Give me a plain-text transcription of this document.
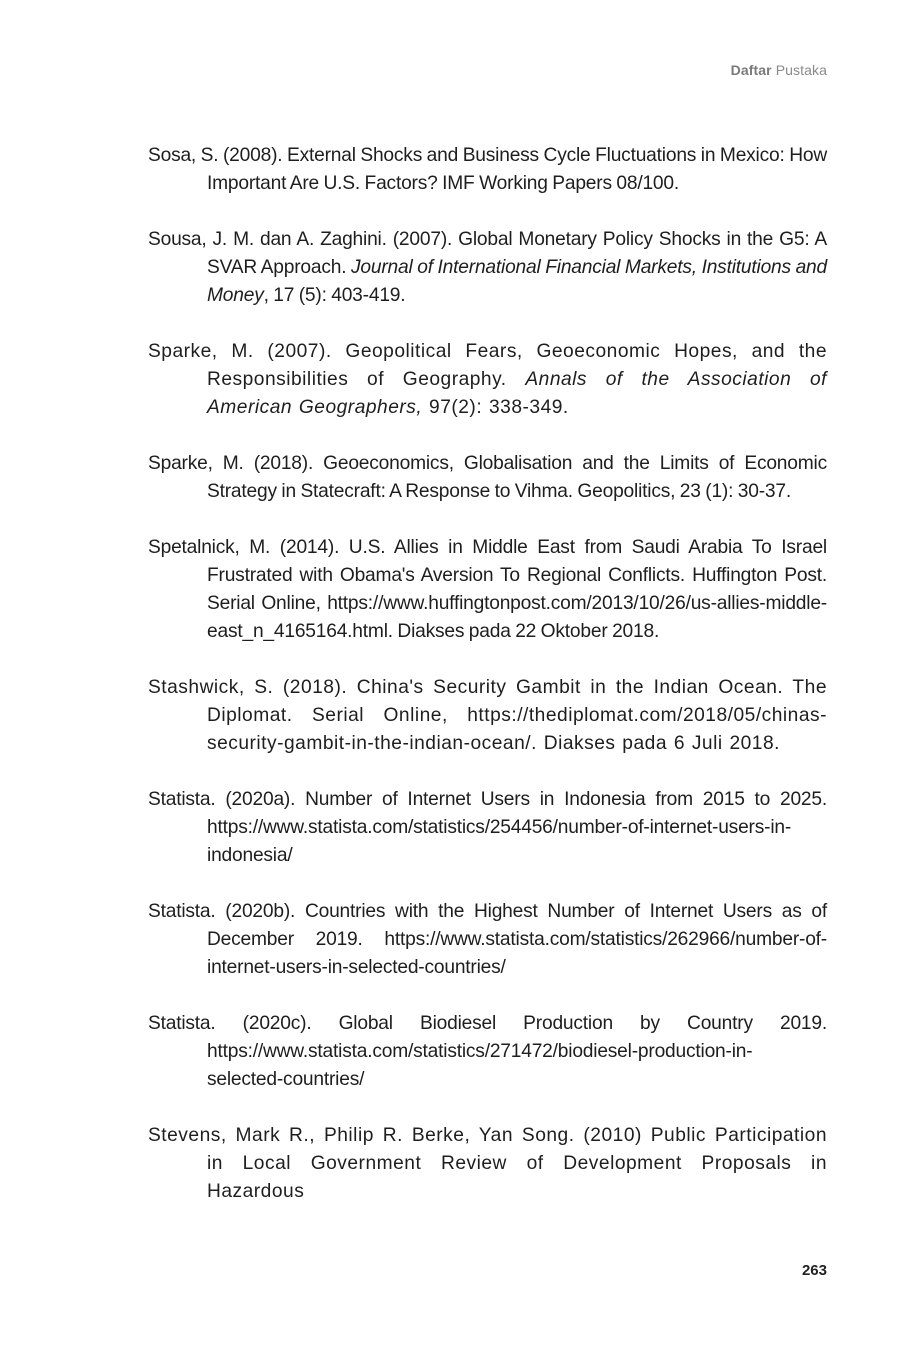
Daftar Pustaka
Sosa, S. (2008). External Shocks and Business Cycle Fluctuations in Mexico: How Important Are U.S. Factors? IMF Working Papers 08/100.
Sousa, J. M. dan A. Zaghini. (2007). Global Monetary Policy Shocks in the G5: A SVAR Approach. Journal of International Financial Markets, Institutions and Money, 17 (5): 403-419.
Sparke, M. (2007). Geopolitical Fears, Geoeconomic Hopes, and the Responsibilities of Geography. Annals of the Association of American Geographers, 97(2): 338-349.
Sparke, M. (2018). Geoeconomics, Globalisation and the Limits of Economic Strategy in Statecraft: A Response to Vihma. Geopolitics, 23 (1): 30-37.
Spetalnick, M. (2014). U.S. Allies in Middle East from Saudi Arabia To Israel Frustrated with Obama's Aversion To Regional Conflicts. Huffington Post. Serial Online, https://www.huffingtonpost.com/2013/10/26/us-allies-middle-east_n_4165164.html. Diakses pada 22 Oktober 2018.
Stashwick, S. (2018). China's Security Gambit in the Indian Ocean. The Diplomat. Serial Online, https://thediplomat.com/2018/05/chinas-security-gambit-in-the-indian-ocean/. Diakses pada 6 Juli 2018.
Statista. (2020a). Number of Internet Users in Indonesia from 2015 to 2025. https://www.statista.com/statistics/254456/number-of-internet-users-in-indonesia/
Statista. (2020b). Countries with the Highest Number of Internet Users as of December 2019. https://www.statista.com/statistics/262966/number-of-internet-users-in-selected-countries/
Statista. (2020c). Global Biodiesel Production by Country 2019. https://www.statista.com/statistics/271472/biodiesel-production-in-selected-countries/
Stevens, Mark R., Philip R. Berke, Yan Song. (2010) Public Participation in Local Government Review of Development Proposals in Hazardous
263
